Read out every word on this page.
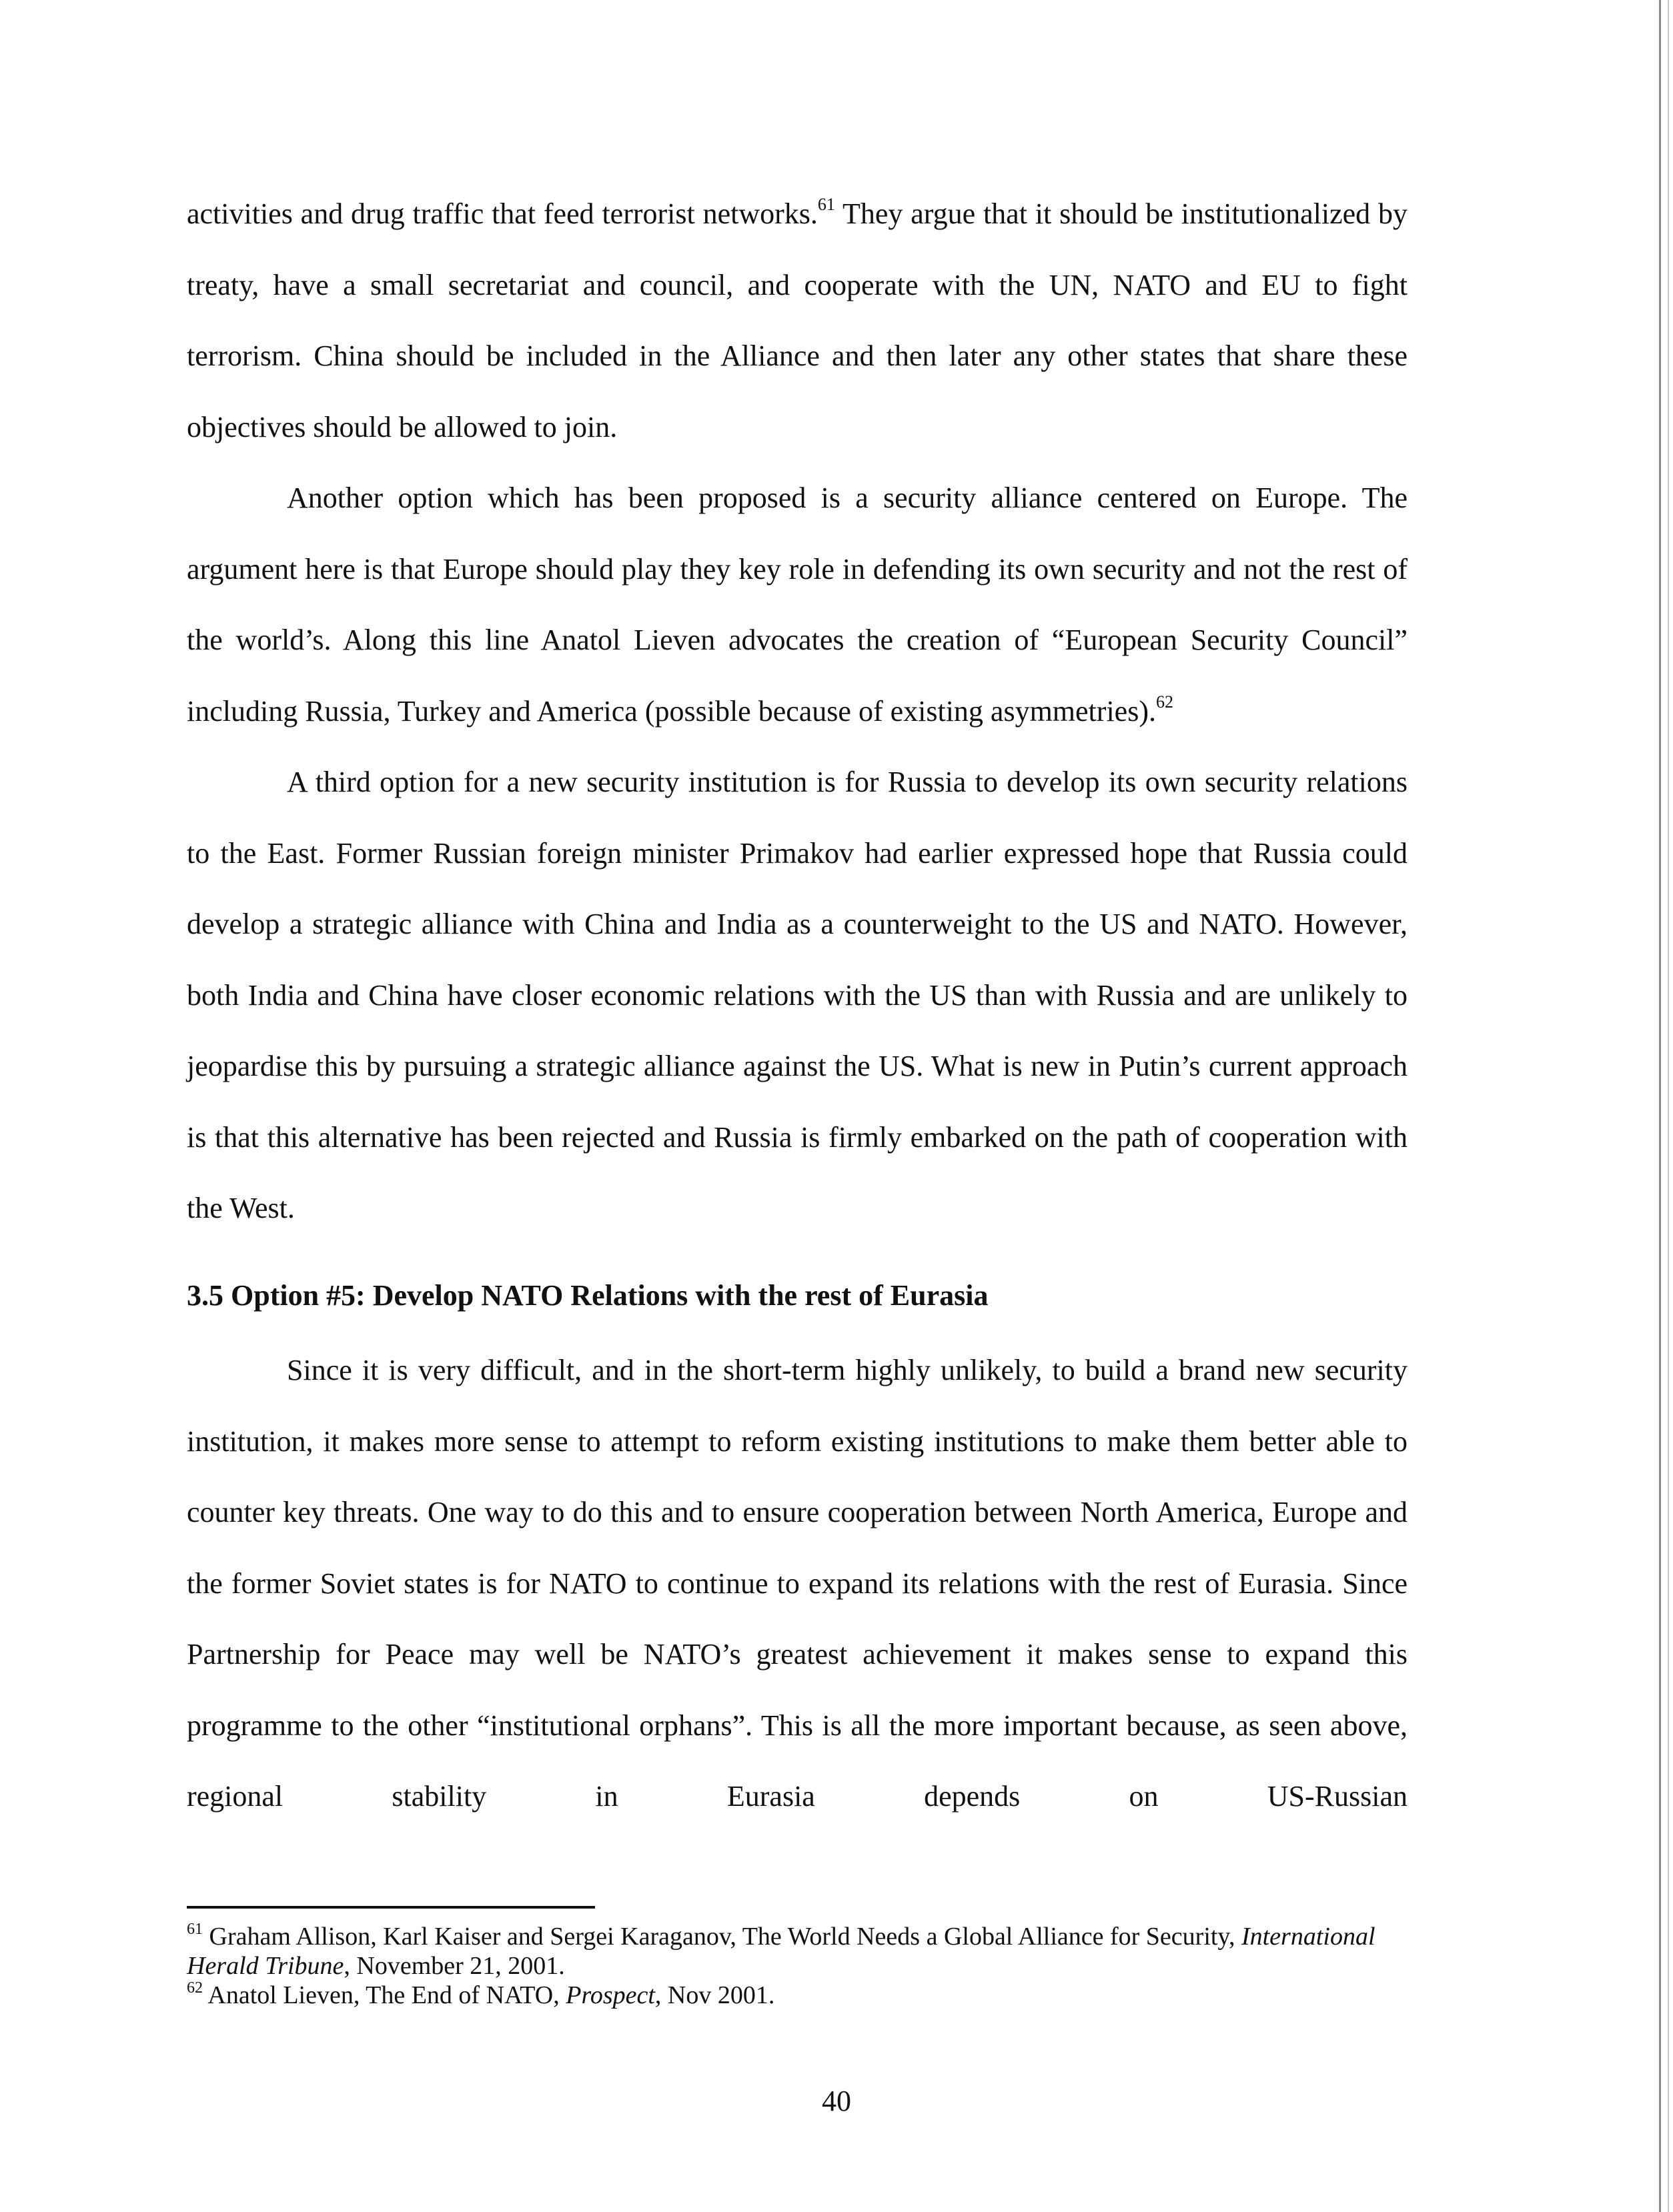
activities and drug traffic that feed terrorist networks.$^{61}$ They argue that it should be institutionalized by treaty, have a small secretariat and council, and cooperate with the UN, NATO and EU to fight terrorism. China should be included in the Alliance and then later any other states that share these objectives should be allowed to join.

Another option which has been proposed is a security alliance centered on Europe. The argument here is that Europe should play they key role in defending its own security and not the rest of the world’s. Along this line Anatol Lieven advocates the creation of “European Security Council” including Russia, Turkey and America (possible because of existing asymmetries).$^{62}$

A third option for a new security institution is for Russia to develop its own security relations to the East. Former Russian foreign minister Primakov had earlier expressed hope that Russia could develop a strategic alliance with China and India as a counterweight to the US and NATO. However, both India and China have closer economic relations with the US than with Russia and are unlikely to jeopardise this by pursuing a strategic alliance against the US. What is new in Putin’s current approach is that this alternative has been rejected and Russia is firmly embarked on the path of cooperation with the West.

3.5 Option #5: Develop NATO Relations with the rest of Eurasia

Since it is very difficult, and in the short-term highly unlikely, to build a brand new security institution, it makes more sense to attempt to reform existing institutions to make them better able to counter key threats. One way to do this and to ensure cooperation between North America, Europe and the former Soviet states is for NATO to continue to expand its relations with the rest of Eurasia. Since Partnership for Peace may well be NATO’s greatest achievement it makes sense to expand this programme to the other “institutional orphans”. This is all the more important because, as seen above, regional stability in Eurasia depends on US-Russian

$^{61}$ Graham Allison, Karl Kaiser and Sergei Karaganov, The World Needs a Global Alliance for Security, International Herald Tribune, November 21, 2001.

$^{62}$ Anatol Lieven, The End of NATO, Prospect, Nov 2001.

40
